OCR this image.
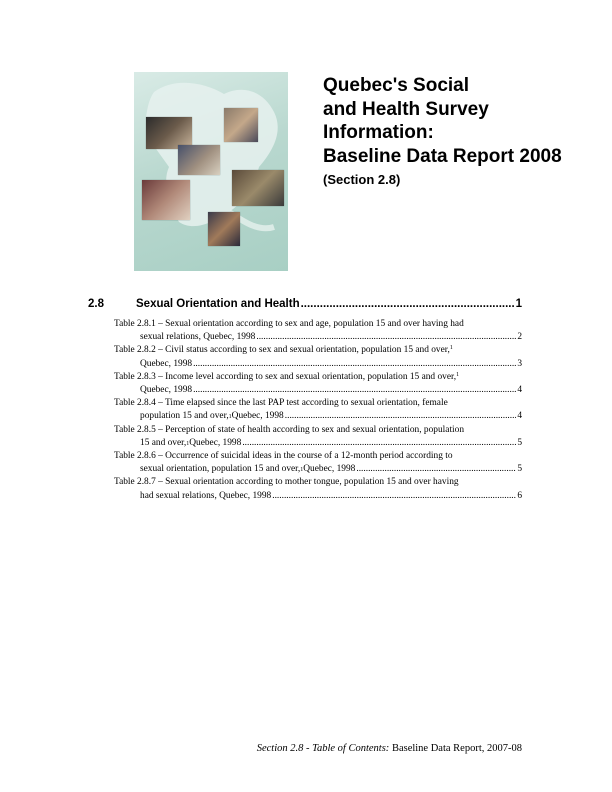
Quebec's Social
and Health Survey
Information:
Baseline Data Report 2008
(Section 2.8)
2.8	Sexual Orientation and Health .....	1
Table 2.8.1 – Sexual orientation according to sex and age, population 15 and over having had
sexual relations, Quebec, 1998 .....	2
Table 2.8.2 – Civil status according to sex and sexual orientation, population 15 and over,$^1$
Quebec, 1998 .....	3
Table 2.8.3 – Income level according to sex and sexual orientation, population 15 and over,$^1$
Quebec, 1998 .....	4
Table 2.8.4 – Time elapsed since the last PAP test according to sexual orientation, female
population 15 and over, 1 Quebec, 1998 .....	4
Table 2.8.5 – Perception of state of health according to sex and sexual orientation, population
15 and over, 1 Quebec, 1998 .....	5
Table 2.8.6 – Occurrence of suicidal ideas in the course of a 12-month period according to
sexual orientation, population 15 and over, 1 Quebec, 1998 .....	5
Table 2.8.7 – Sexual orientation according to mother tongue, population 15 and over having
had sexual relations, Quebec, 1998 .....	6
Section 2.8 - Table of Contents: Baseline Data Report, 2007-08
